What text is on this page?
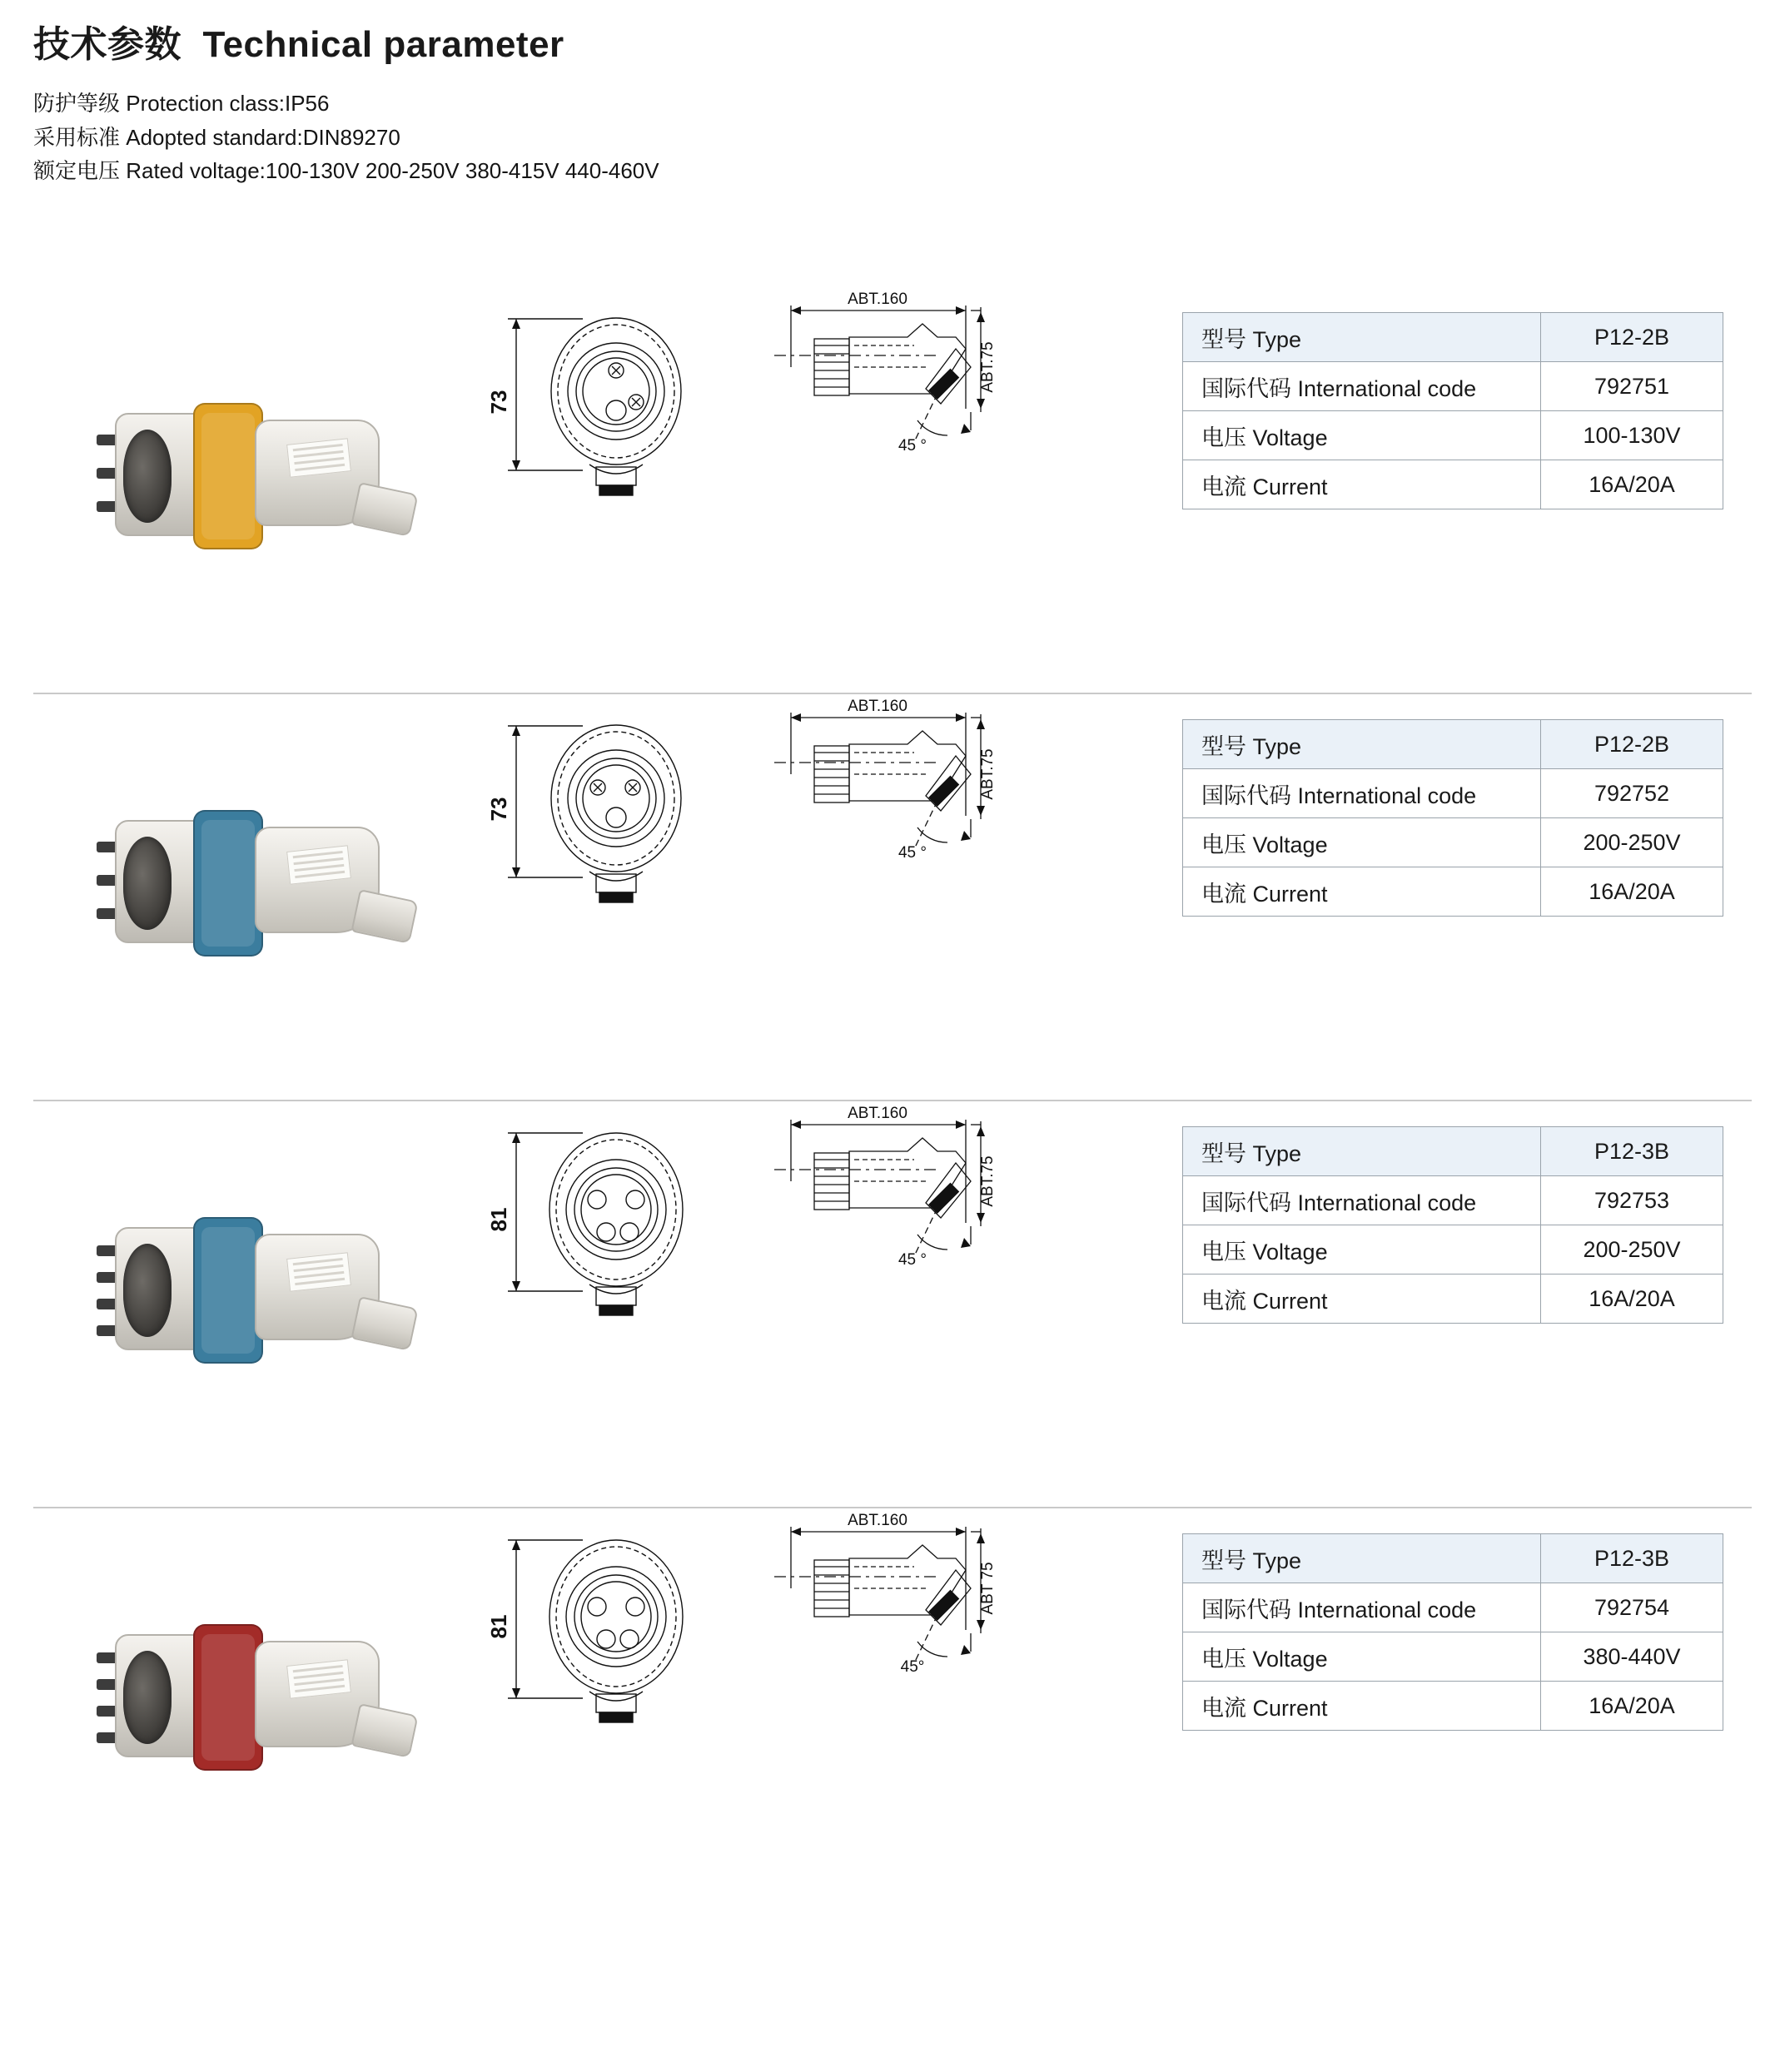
技术参数 Technical parameter

防护等级 Protection class:IP56

采用标准 Adopted standard:DIN89270

额定电压 Rated voltage:100-130V 200-250V 380-415V 440-460V

73
ABT.160
ABT.75
45 °
型号 Type	P12-2B
国际代码 International code	792751
电压 Voltage	100-130V
电流 Current	16A/20A
73
ABT.160
ABT.75
45 °
型号 Type	P12-2B
国际代码 International code	792752
电压 Voltage	200-250V
电流 Current	16A/20A
81
ABT.160
ABT.75
45 °
型号 Type	P12-3B
国际代码 International code	792753
电压 Voltage	200-250V
电流 Current	16A/20A
81
ABT.160
ABT 75
45°
型号 Type	P12-3B
国际代码 International code	792754
电压 Voltage	380-440V
电流 Current	16A/20A
